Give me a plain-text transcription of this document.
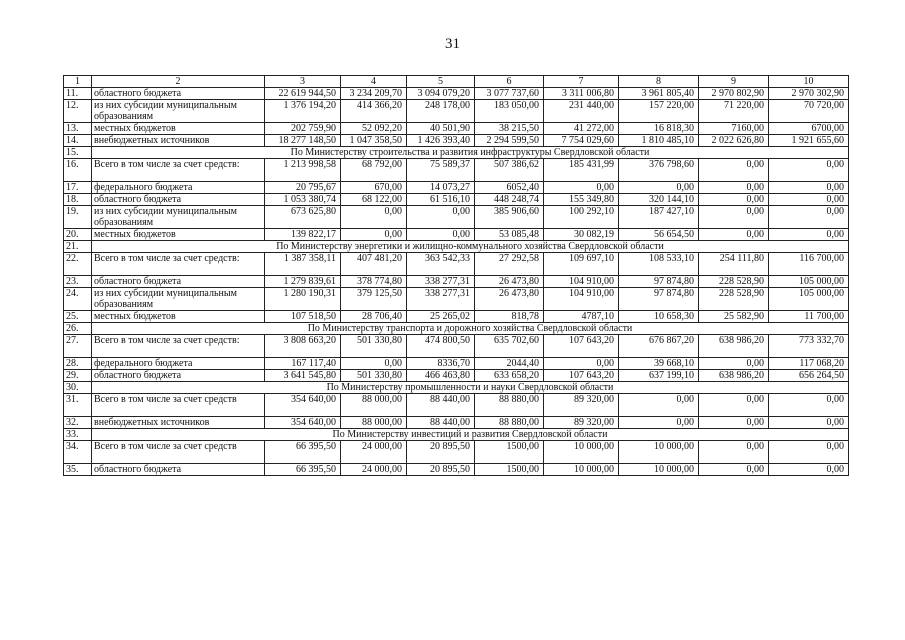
31
1	2	3	4	5	6	7	8	9	10
11.	областного бюджета	22 619 944,50	3 234 209,70	3 094 079,20	3 077 737,60	3 311 006,80	3 961 805,40	2 970 802,90	2 970 302,90
12.	из них субсидии муниципальным образованиям	1 376 194,20	414 366,20	248 178,00	183 050,00	231 440,00	157 220,00	71 220,00	70 720,00
13.	местных бюджетов	202 759,90	52 092,20	40 501,90	38 215,50	41 272,00	16 818,30	7160,00	6700,00
14.	внебюджетных источников	18 277 148,50	1 047 358,50	1 426 393,40	2 294 599,50	7 754 029,60	1 810 485,10	2 022 626,80	1 921 655,60
15.	По Министерству строительства и развития инфраструктуры Свердловской области								
16.	Всего в том числе за счет средств:	1 213 998,58	68 792,00	75 589,37	507 386,62	185 431,99	376 798,60	0,00	0,00
17.	федерального бюджета	20 795,67	670,00	14 073,27	6052,40	0,00	0,00	0,00	0,00
18.	областного бюджета	1 053 380,74	68 122,00	61 516,10	448 248,74	155 349,80	320 144,10	0,00	0,00
19.	из них субсидии муниципальным образованиям	673 625,80	0,00	0,00	385 906,60	100 292,10	187 427,10	0,00	0,00
20.	местных бюджетов	139 822,17	0,00	0,00	53 085,48	30 082,19	56 654,50	0,00	0,00
21.	По Министерству энергетики и жилищно-коммунального хозяйства Свердловской области								
22.	Всего в том числе за счет средств:	1 387 358,11	407 481,20	363 542,33	27 292,58	109 697,10	108 533,10	254 111,80	116 700,00
23.	областного бюджета	1 279 839,61	378 774,80	338 277,31	26 473,80	104 910,00	97 874,80	228 528,90	105 000,00
24.	из них субсидии муниципальным образованиям	1 280 190,31	379 125,50	338 277,31	26 473,80	104 910,00	97 874,80	228 528,90	105 000,00
25.	местных бюджетов	107 518,50	28 706,40	25 265,02	818,78	4787,10	10 658,30	25 582,90	11 700,00
26.	По Министерству транспорта и дорожного хозяйства Свердловской области								
27.	Всего в том числе за счет средств:	3 808 663,20	501 330,80	474 800,50	635 702,60	107 643,20	676 867,20	638 986,20	773 332,70
28.	федерального бюджета	167 117,40	0,00	8336,70	2044,40	0,00	39 668,10	0,00	117 068,20
29.	областного бюджета	3 641 545,80	501 330,80	466 463,80	633 658,20	107 643,20	637 199,10	638 986,20	656 264,50
30.	По Министерству промышленности и науки Свердловской области								
31.	Всего в том числе за счет средств	354 640,00	88 000,00	88 440,00	88 880,00	89 320,00	0,00	0,00	0,00
32.	внебюджетных источников	354 640,00	88 000,00	88 440,00	88 880,00	89 320,00	0,00	0,00	0,00
33.	По Министерству инвестиций и развития Свердловской области								
34.	Всего в том числе за счет средств	66 395,50	24 000,00	20 895,50	1500,00	10 000,00	10 000,00	0,00	0,00
35.	областного бюджета	66 395,50	24 000,00	20 895,50	1500,00	10 000,00	10 000,00	0,00	0,00
